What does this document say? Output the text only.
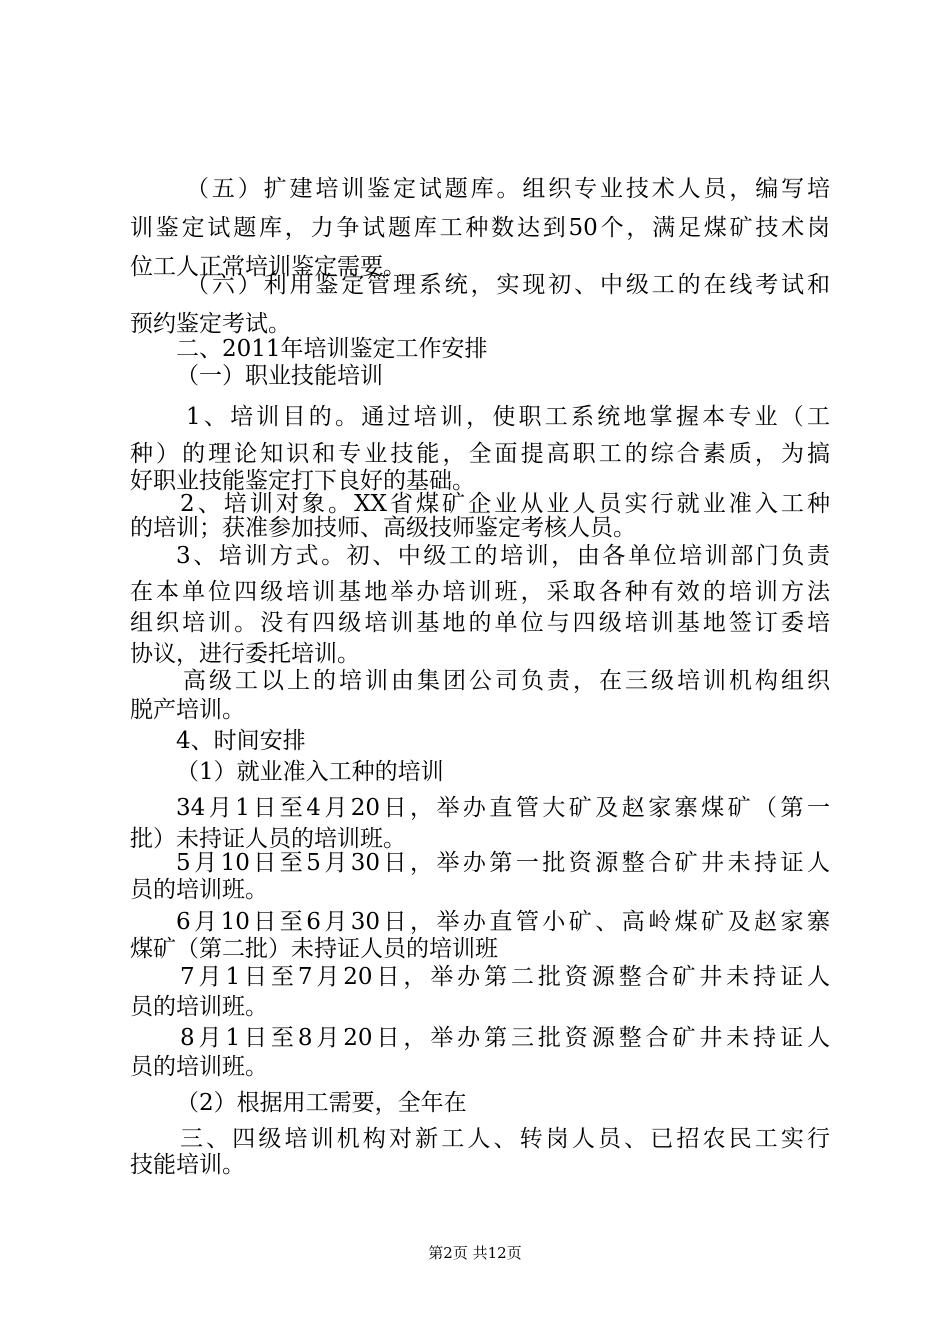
（五）扩建培训鉴定试题库。组织专业技术人员，编写培
训鉴定试题库，力争试题库工种数达到50个，满足煤矿技术岗
位工人正常培训鉴定需要。
（六）利用鉴定管理系统，实现初、中级工的在线考试和
预约鉴定考试。
二、2011年培训鉴定工作安排
（一）职业技能培训
1、培训目的。通过培训，使职工系统地掌握本专业（工
种）的理论知识和专业技能，全面提高职工的综合素质，为搞
好职业技能鉴定打下良好的基础。
2、培训对象。XX省煤矿企业从业人员实行就业准入工种
的培训；获准参加技师、高级技师鉴定考核人员。
3、培训方式。初、中级工的培训，由各单位培训部门负责
在本单位四级培训基地举办培训班，采取各种有效的培训方法
组织培训。没有四级培训基地的单位与四级培训基地签订委培
协议，进行委托培训。
高级工以上的培训由集团公司负责，在三级培训机构组织
脱产培训。
4、时间安排
（1）就业准入工种的培训
34月1日至4月20日，举办直管大矿及赵家寨煤矿（第一
批）未持证人员的培训班。
5月10日至5月30日，举办第一批资源整合矿井未持证人
员的培训班。
6月10日至6月30日，举办直管小矿、高岭煤矿及赵家寨
煤矿（第二批）未持证人员的培训班
7月1日至7月20日，举办第二批资源整合矿井未持证人
员的培训班。
8月1日至8月20日，举办第三批资源整合矿井未持证人
员的培训班。
（2）根据用工需要，全年在
三、四级培训机构对新工人、转岗人员、已招农民工实行
技能培训。
第2页 共12页
